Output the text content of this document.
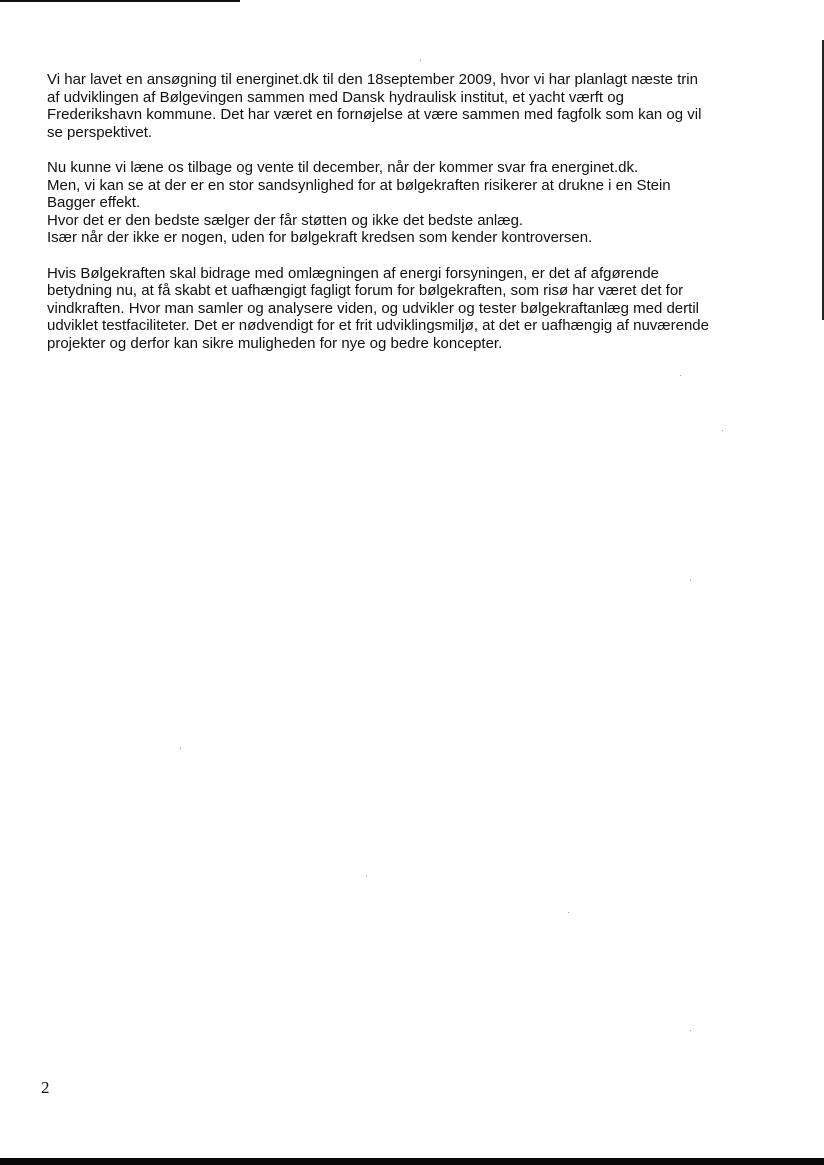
Vi har lavet en ansøgning til energinet.dk til den 18september 2009, hvor vi har planlagt næste trin
af udviklingen af Bølgevingen sammen med Dansk hydraulisk institut, et yacht værft og
Frederikshavn kommune. Det har været en fornøjelse at være sammen med fagfolk som kan og vil
se perspektivet.

Nu kunne vi læne os tilbage og vente til december, når der kommer svar fra energinet.dk.
Men, vi kan se at der er en stor sandsynlighed for at bølgekraften risikerer at drukne i en Stein
Bagger effekt.
Hvor det er den bedste sælger der får støtten og ikke det bedste anlæg.
Især når der ikke er nogen, uden for bølgekraft kredsen som kender kontroversen.

Hvis Bølgekraften skal bidrage med omlægningen af energi forsyningen, er det af afgørende
betydning nu, at få skabt et uafhængigt fagligt forum for bølgekraften, som risø har været det for
vindkraften. Hvor man samler og analysere viden, og udvikler og tester bølgekraftanlæg med dertil
udviklet testfaciliteter. Det er nødvendigt for et frit udviklingsmiljø, at det er uafhængig af nuværende
projekter og derfor kan sikre muligheden for nye og bedre koncepter.

2
